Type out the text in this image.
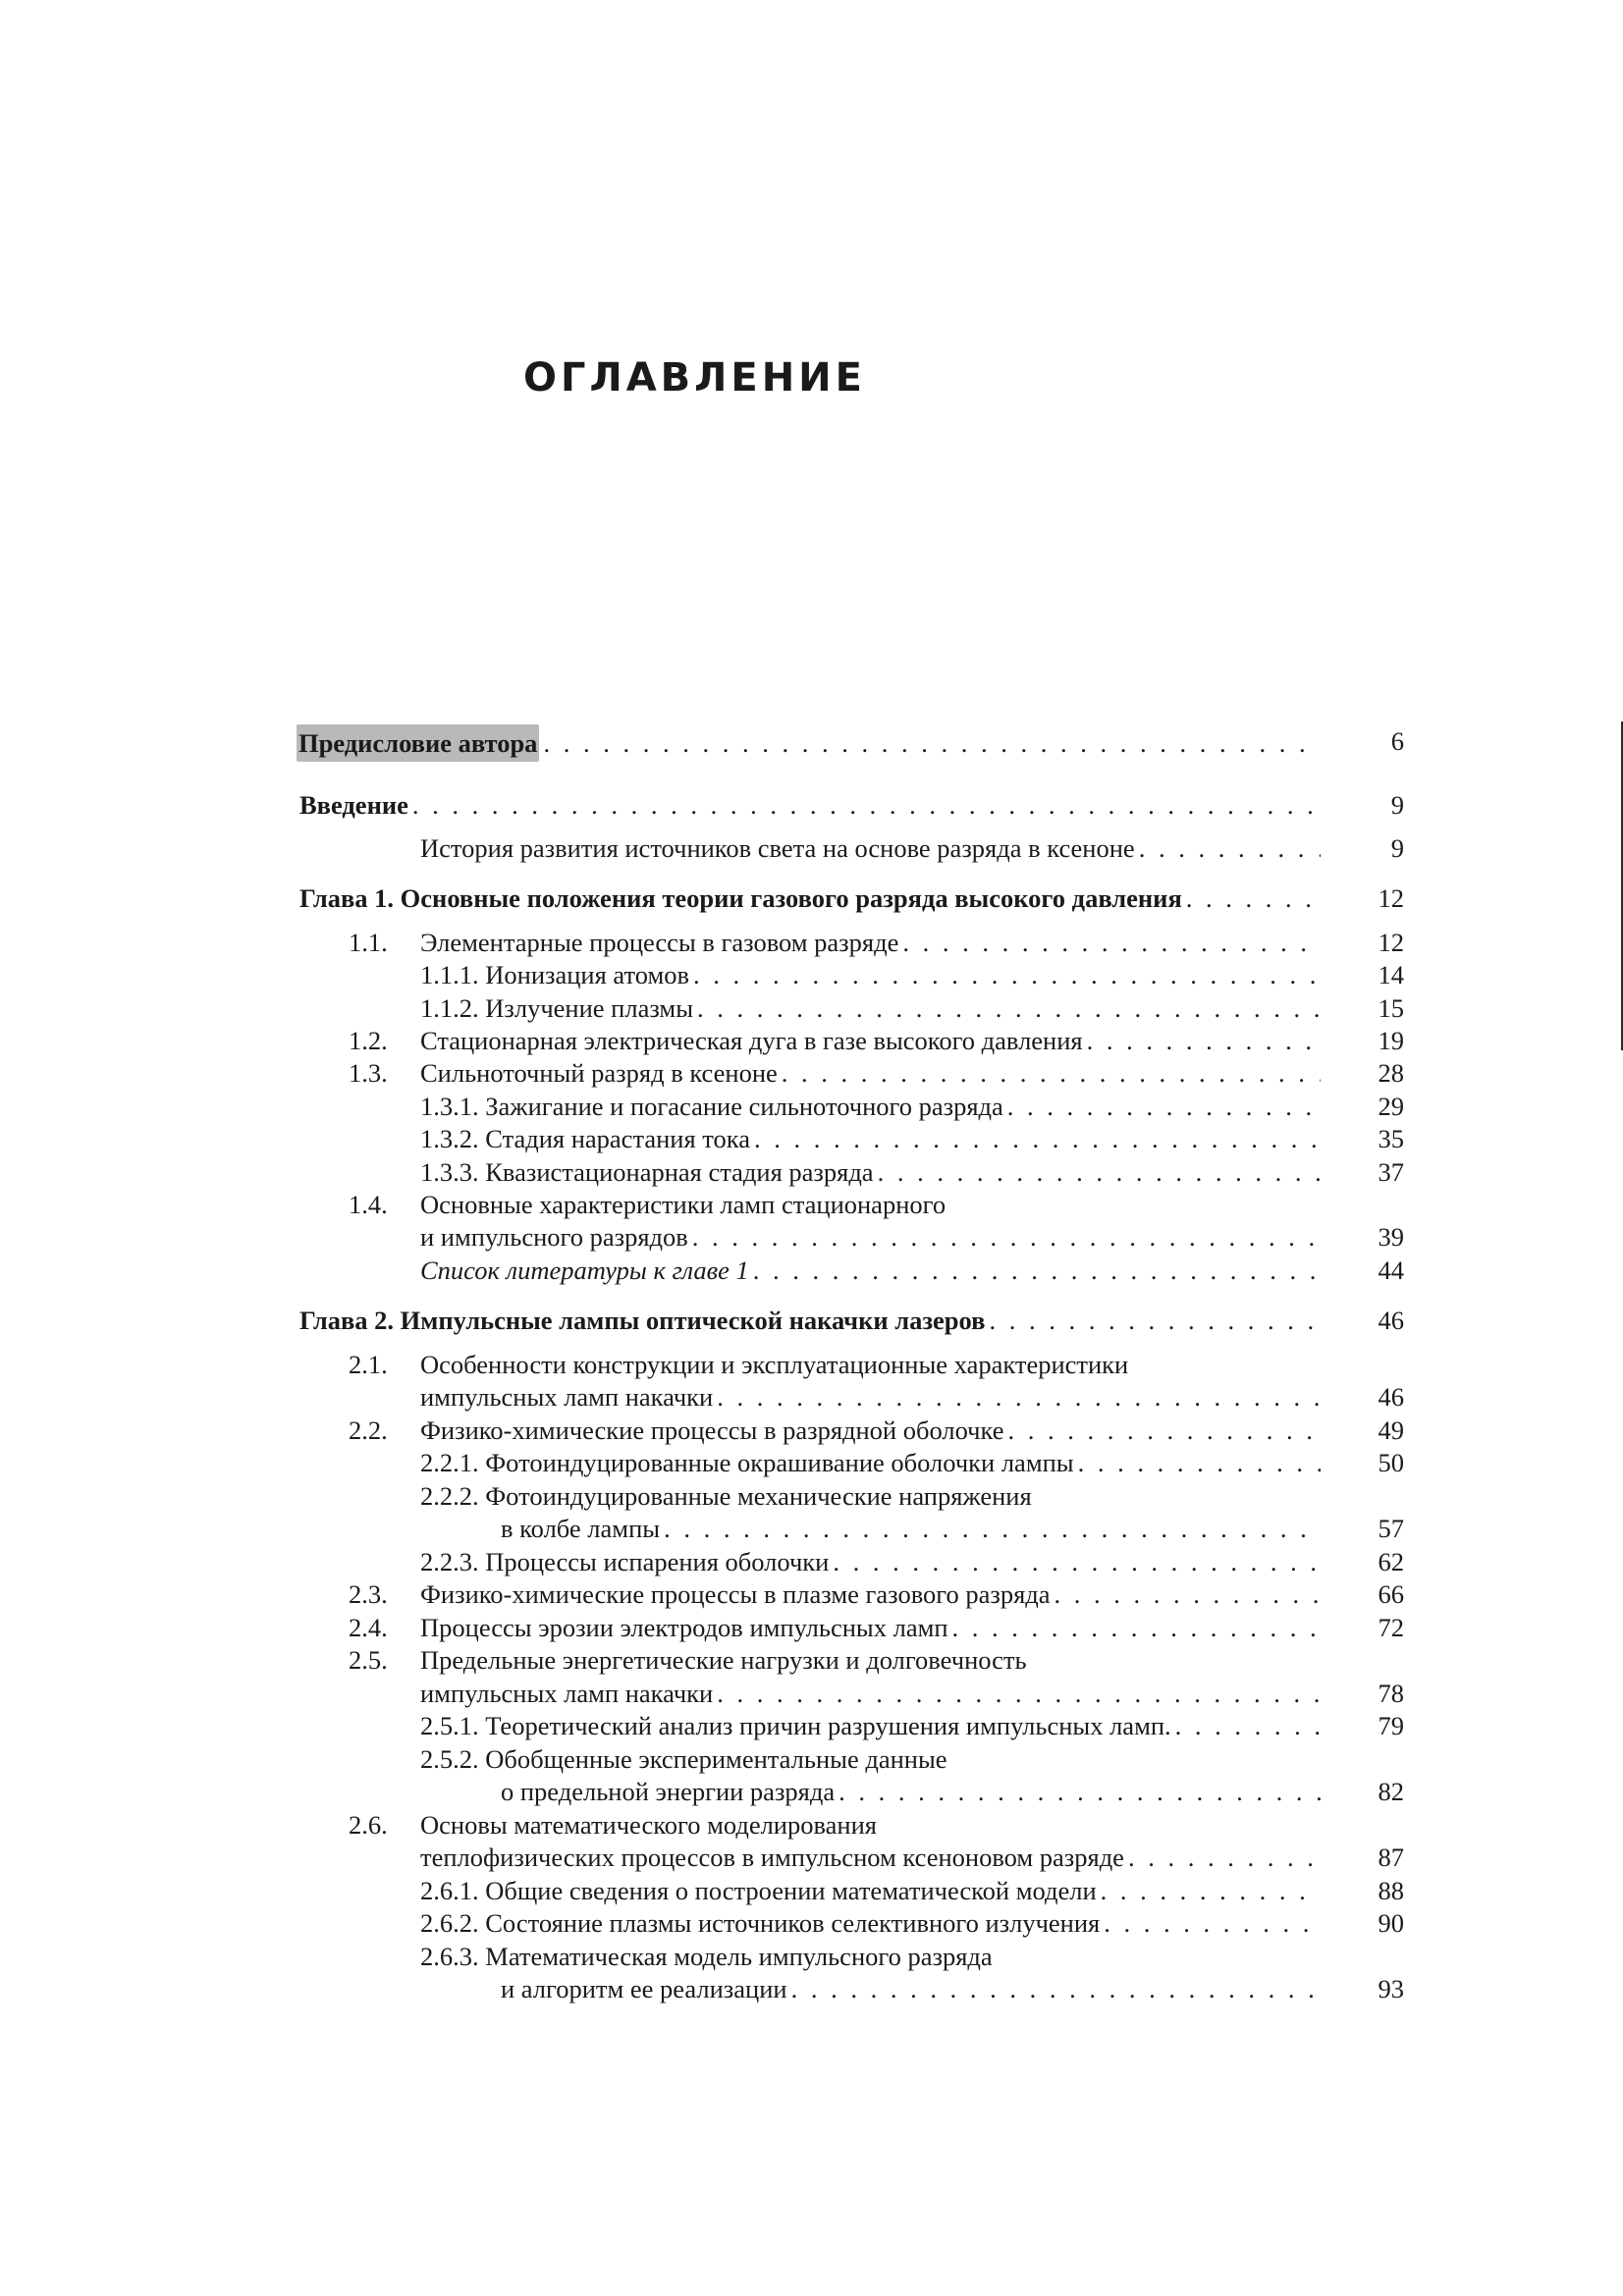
ОГЛАВЛЕНИЕ
Предисловие автора . . .	6
Введение . . .	9
История развития источников света на основе разряда в ксеноне . . .	9
Глава 1. Основные положения теории газового разряда высокого давления . . .	12
1.1. Элементарные процессы в газовом разряде . . .	12
1.1.1. Ионизация атомов . . .	14
1.1.2. Излучение плазмы . . .	15
1.2. Стационарная электрическая дуга в газе высокого давления . . .	19
1.3. Сильноточный разряд в ксеноне . . .	28
1.3.1. Зажигание и погасание сильноточного разряда . . .	29
1.3.2. Стадия нарастания тока . . .	35
1.3.3. Квазистационарная стадия разряда . . .	37
1.4. Основные характеристики ламп стационарного
и импульсного разрядов . . .	39
Список литературы к главе 1 . . .	44
Глава 2. Импульсные лампы оптической накачки лазеров . . .	46
2.1. Особенности конструкции и эксплуатационные характеристики
импульсных ламп накачки . . .	46
2.2. Физико-химические процессы в разрядной оболочке . . .	49
2.2.1. Фотоиндуцированные окрашивание оболочки лампы . . .	50
2.2.2. Фотоиндуцированные механические напряжения
в колбе лампы . . .	57
2.2.3. Процессы испарения оболочки . . .	62
2.3. Физико-химические процессы в плазме газового разряда . . .	66
2.4. Процессы эрозии электродов импульсных ламп . . .	72
2.5. Предельные энергетические нагрузки и долговечность
импульсных ламп накачки . . .	78
2.5.1. Теоретический анализ причин разрушения импульсных ламп. . . .	79
2.5.2. Обобщенные экспериментальные данные
о предельной энергии разряда . . .	82
2.6. Основы математического моделирования
теплофизических процессов в импульсном ксеноновом разряде . . .	87
2.6.1. Общие сведения о построении математической модели . . .	88
2.6.2. Состояние плазмы источников селективного излучения . . .	90
2.6.3. Математическая модель импульсного разряда
и алгоритм ее реализации . . .	93
